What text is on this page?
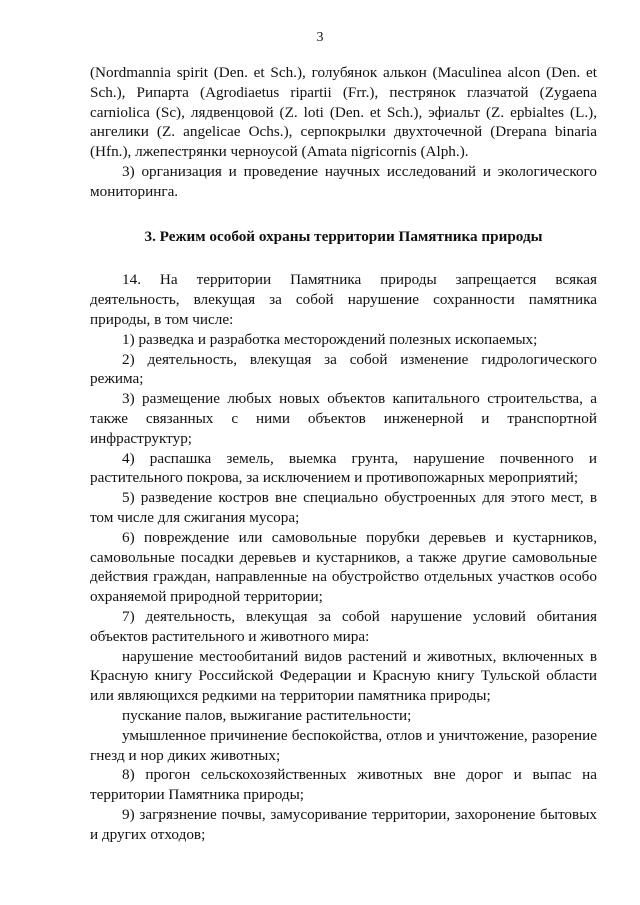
3

(Nordmannia spirit (Den. et Sch.), голубянок алькон (Maculinea alcon (Den. et Sch.), Рипарта (Agrodiaetus ripartii (Frr.), пестрянок глазчатой (Zygaena carniolica (Sc), лядвенцовой (Z. loti (Den. et Sch.), эфиальт (Z. epbialtes (L.), ангелики (Z. angelicae Ochs.), серпокрылки двухточечной (Drepana binaria (Hfn.), лжепестрянки черноусой (Amata nigricornis (Alph.).

3) организация и проведение научных исследований и экологического мониторинга.

3. Режим особой охраны территории Памятника природы

14. На территории Памятника природы запрещается всякая деятельность, влекущая за собой нарушение сохранности памятника природы, в том числе:

1) разведка и разработка месторождений полезных ископаемых;

2) деятельность, влекущая за собой изменение гидрологического режима;

3) размещение любых новых объектов капитального строительства, а также связанных с ними объектов инженерной и транспортной инфраструктур;

4) распашка земель, выемка грунта, нарушение почвенного и растительного покрова, за исключением и противопожарных мероприятий;

5) разведение костров вне специально обустроенных для этого мест, в том числе для сжигания мусора;

6) повреждение или самовольные порубки деревьев и кустарников, самовольные посадки деревьев и кустарников, а также другие самовольные действия граждан, направленные на обустройство отдельных участков особо охраняемой природной территории;

7) деятельность, влекущая за собой нарушение условий обитания объектов растительного и животного мира:

нарушение местообитаний видов растений и животных, включенных в Красную книгу Российской Федерации и Красную книгу Тульской области или являющихся редкими на территории памятника природы;

пускание палов, выжигание растительности;

умышленное причинение беспокойства, отлов и уничтожение, разорение гнезд и нор диких животных;

8) прогон сельскохозяйственных животных вне дорог и выпас на территории Памятника природы;

9) загрязнение почвы, замусоривание территории, захоронение бытовых и других отходов;
